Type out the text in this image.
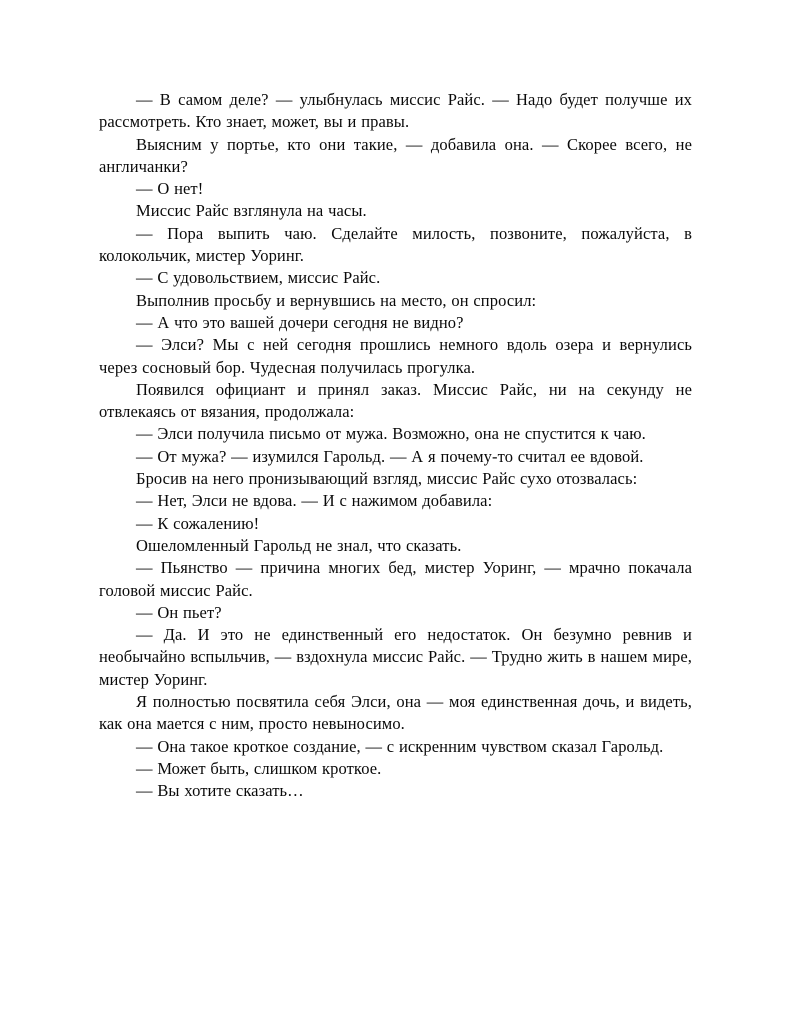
— В самом деле? — улыбнулась миссис Райс. — Надо будет получше их рассмотреть. Кто знает, может, вы и правы.

Выясним у портье, кто они такие, — добавила она. — Скорее всего, не англичанки?

— О нет!

Миссис Райс взглянула на часы.

— Пора выпить чаю. Сделайте милость, позвоните, пожалуйста, в колокольчик, мистер Уоринг.

— С удовольствием, миссис Райс.

Выполнив просьбу и вернувшись на место, он спросил:

— А что это вашей дочери сегодня не видно?

— Элси? Мы с ней сегодня прошлись немного вдоль озера и вернулись через сосновый бор. Чудесная получилась прогулка.

Появился официант и принял заказ. Миссис Райс, ни на секунду не отвлекаясь от вязания, продолжала:

— Элси получила письмо от мужа. Возможно, она не спустится к чаю.

— От мужа? — изумился Гарольд. — А я почему-то считал ее вдовой.

Бросив на него пронизывающий взгляд, миссис Райс сухо отозвалась:

— Нет, Элси не вдова. — И с нажимом добавила:

— К сожалению!

Ошеломленный Гарольд не знал, что сказать.

— Пьянство — причина многих бед, мистер Уоринг, — мрачно покачала головой миссис Райс.

— Он пьет?

— Да. И это не единственный его недостаток. Он безумно ревнив и необычайно вспыльчив, — вздохнула миссис Райс. — Трудно жить в нашем мире, мистер Уоринг.

Я полностью посвятила себя Элси, она — моя единственная дочь, и видеть, как она мается с ним, просто невыносимо.

— Она такое кроткое создание, — с искренним чувством сказал Гарольд.

— Может быть, слишком кроткое.

— Вы хотите сказать…
